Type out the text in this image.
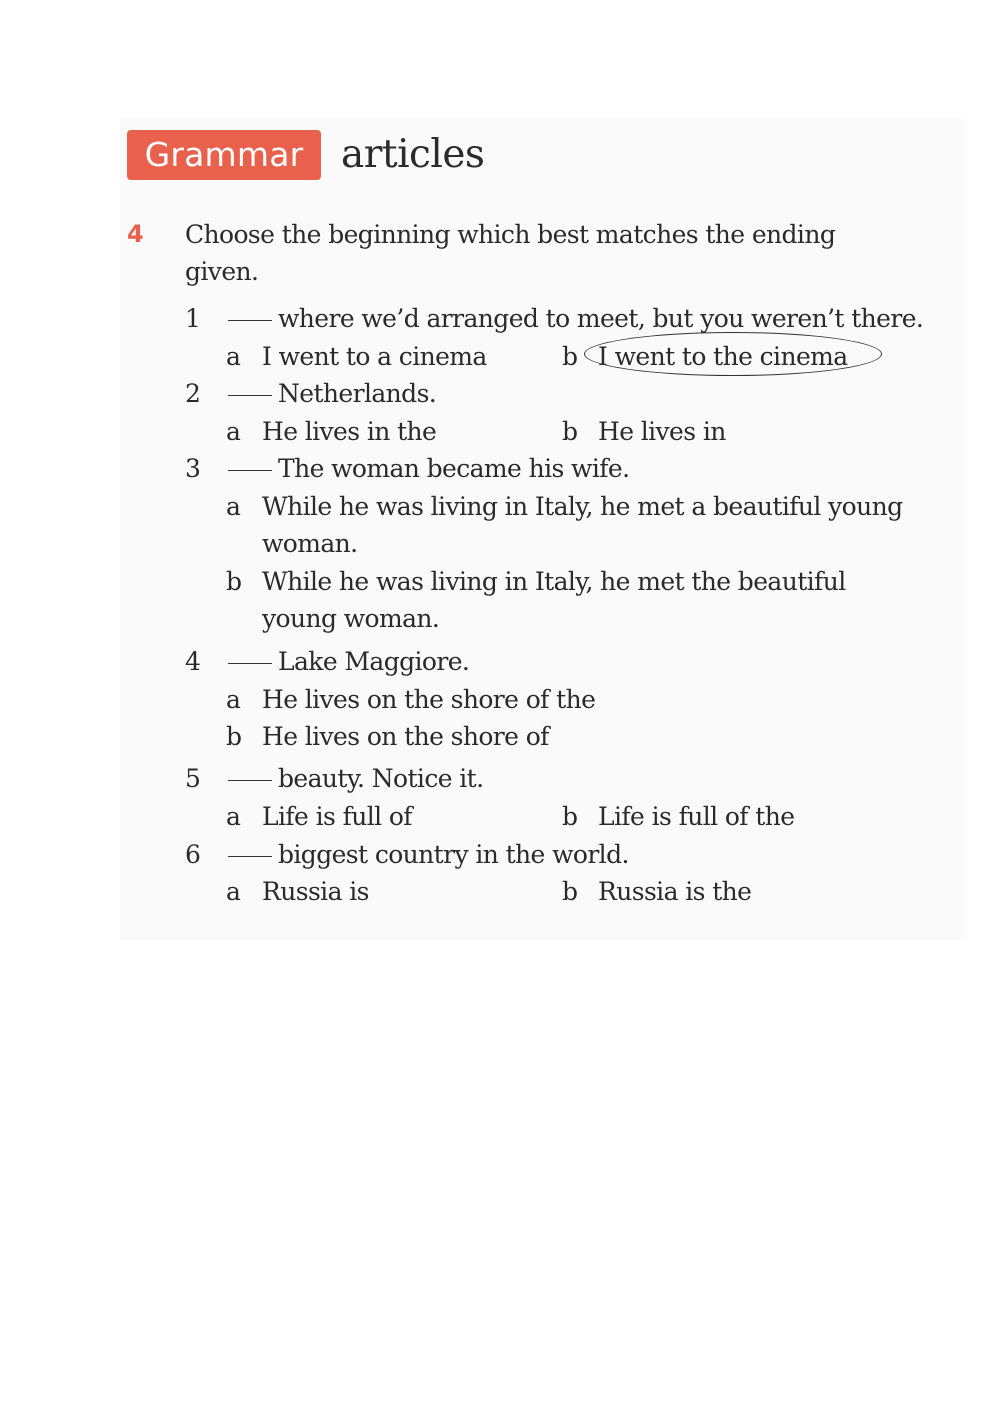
Grammar articles
4 Choose the beginning which best matches the ending given.
1	where we’d arranged to meet, but you weren’t there.
a I went to a cinema	b I went to the cinema
2	Netherlands.
a He lives in the	b He lives in
3	The woman became his wife.
a While he was living in Italy, he met a beautiful young woman.
b While he was living in Italy, he met the beautiful young woman.
4	Lake Maggiore.
a He lives on the shore of the
b He lives on the shore of
5	beauty. Notice it.
a Life is full of	b Life is full of the
6	biggest country in the world.
a Russia is	b Russia is the
